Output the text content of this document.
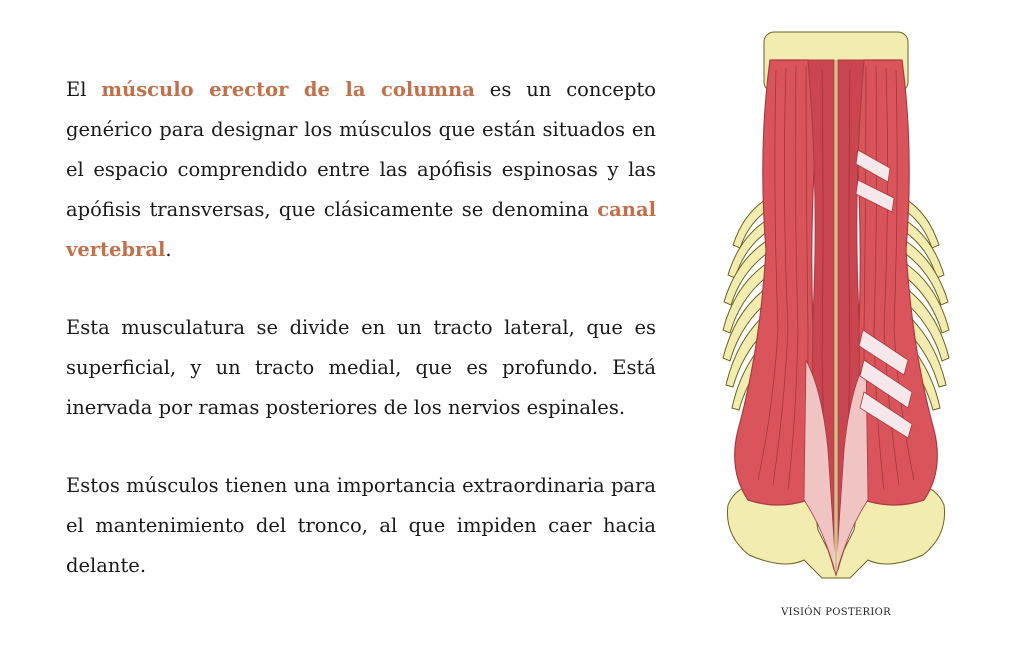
El músculo erector de la columna es un concepto genérico para designar los músculos que están situados en el espacio comprendido entre las apófisis espinosas y las apófisis transversas, que clásicamente se denomina canal vertebral.

Esta musculatura se divide en un tracto lateral, que es superficial, y un tracto medial, que es profundo. Está inervada por ramas posteriores de los nervios espinales.

Estos músculos tienen una importancia extraordinaria para el mantenimiento del tronco, al que impiden caer hacia delante.

VISIÓN POSTERIOR
